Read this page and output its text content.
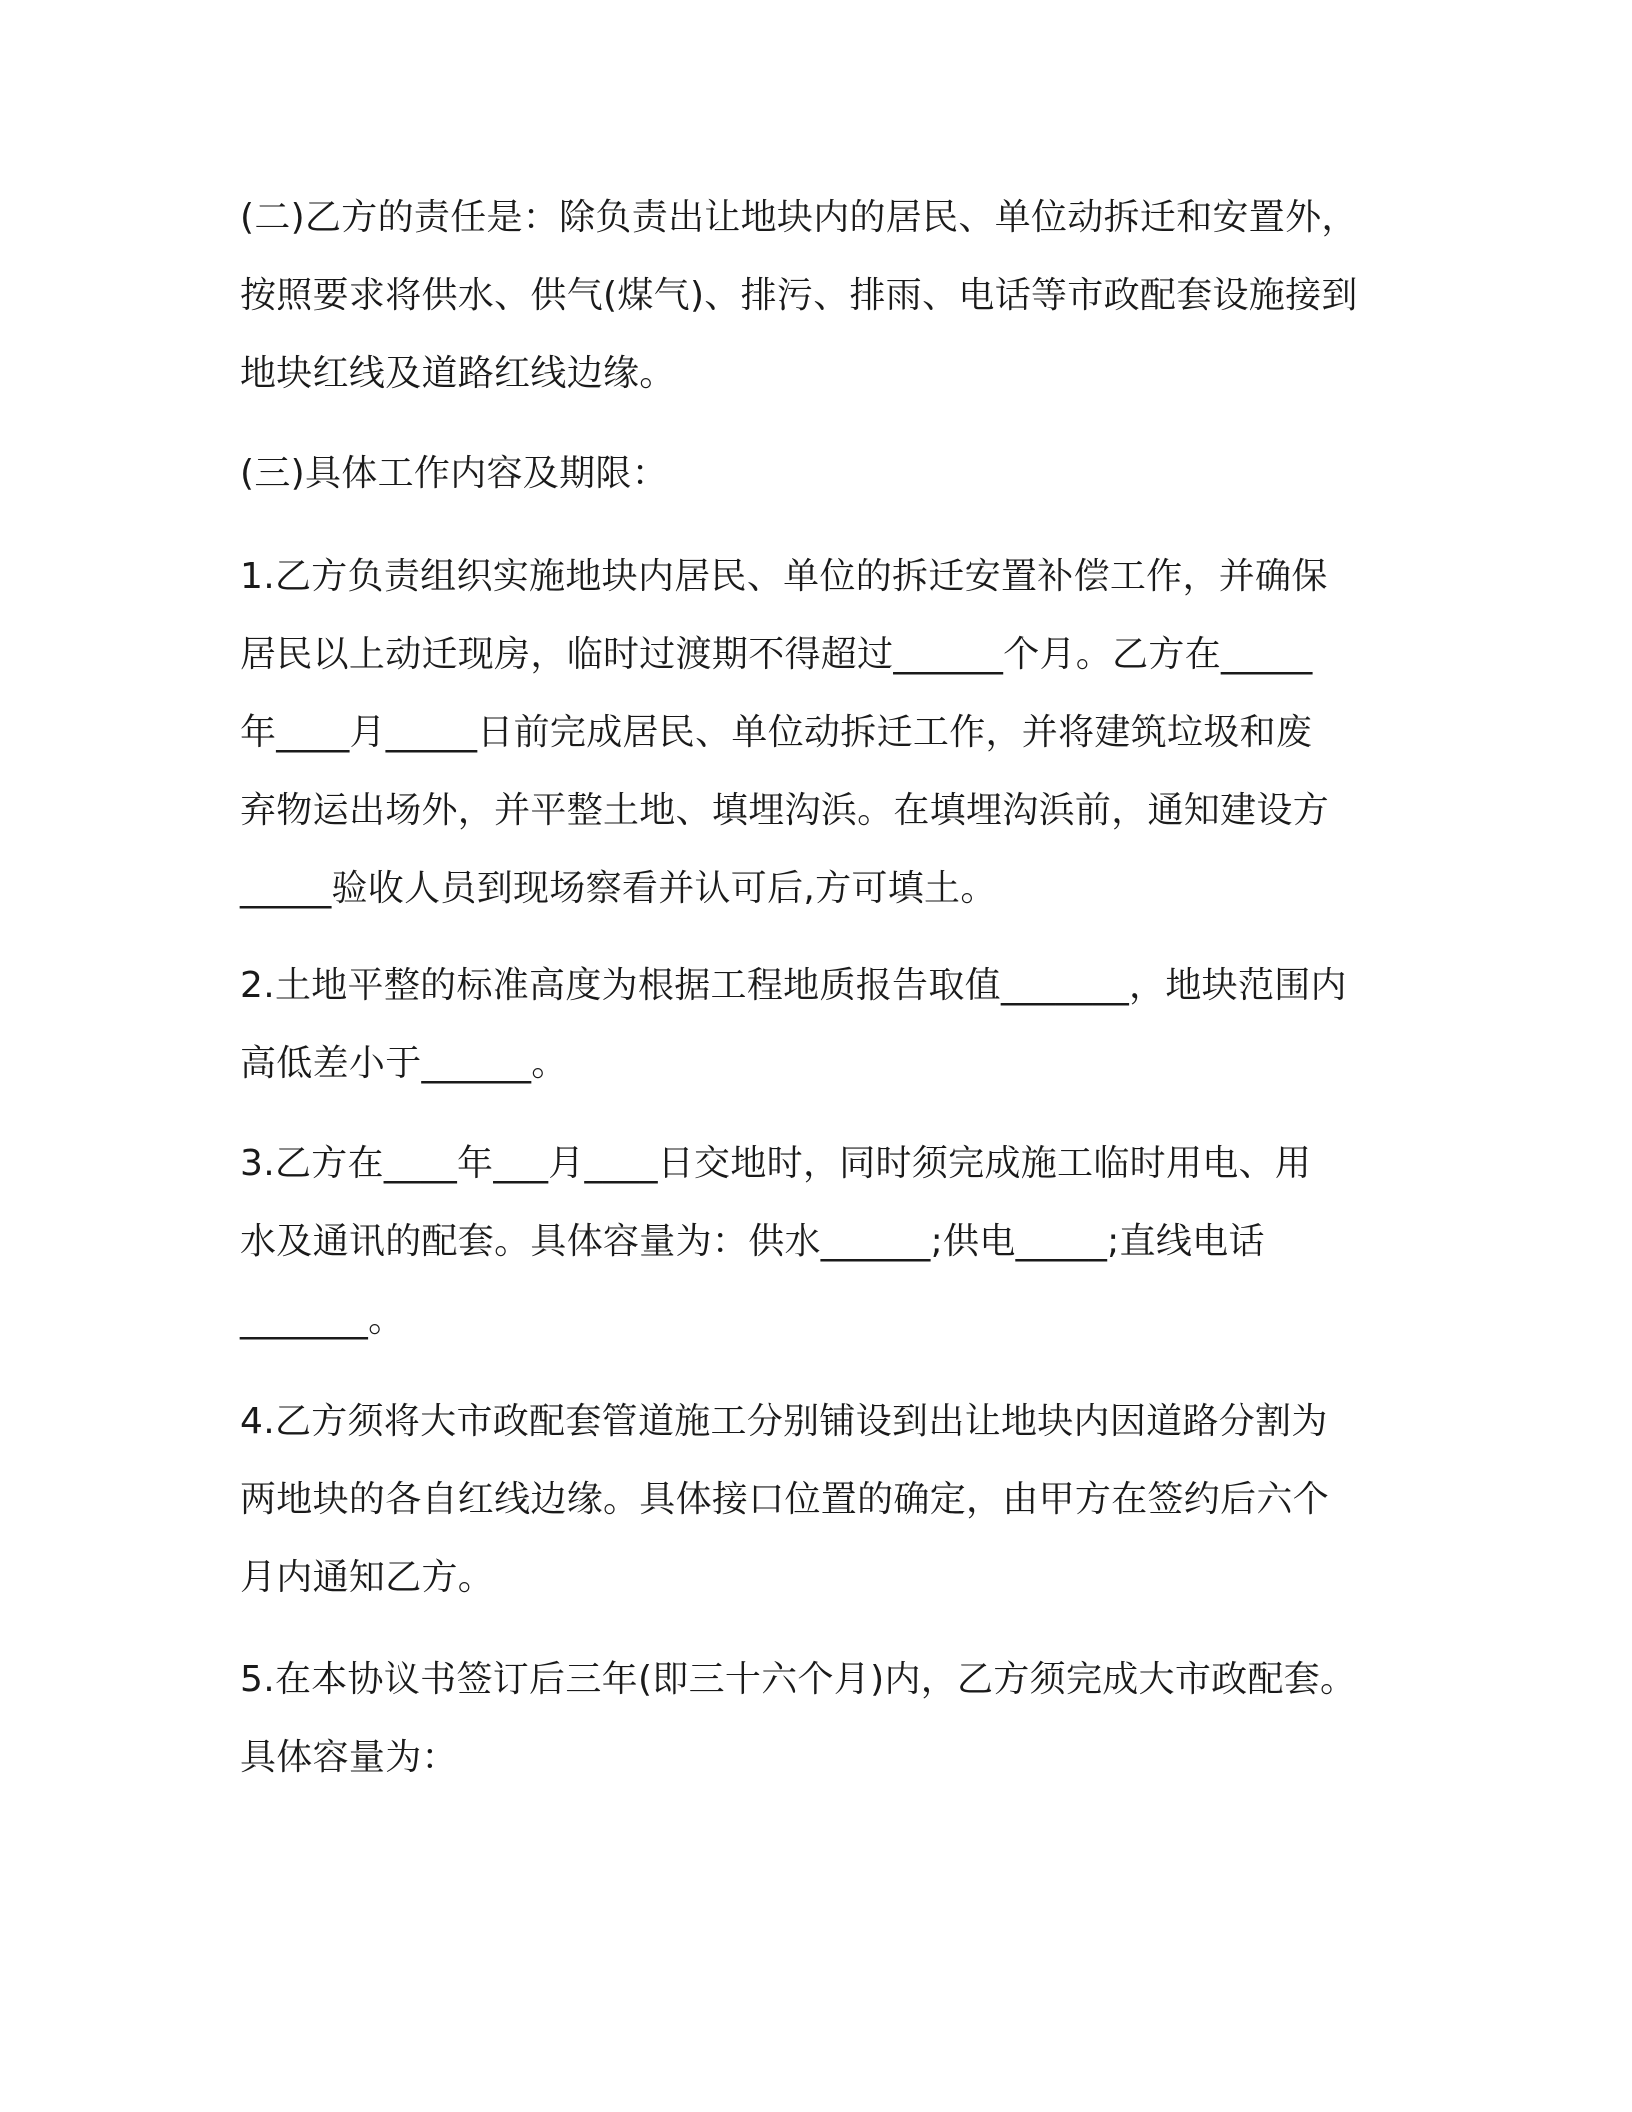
(二)乙方的责任是：除负责出让地块内的居民、单位动拆迁和安置外，
按照要求将供水、供气(煤气)、排污、排雨、电话等市政配套设施接到
地块红线及道路红线边缘。
(三)具体工作内容及期限：
1.乙方负责组织实施地块内居民、单位的拆迁安置补偿工作，并确保
居民以上动迁现房，临时过渡期不得超过______个月。乙方在_____
年____月_____日前完成居民、单位动拆迁工作，并将建筑垃圾和废
弃物运出场外，并平整土地、填埋沟浜。在填埋沟浜前，通知建设方
_____验收人员到现场察看并认可后,方可填土。
2.土地平整的标准高度为根据工程地质报告取值_______，地块范围内
高低差小于______。
3.乙方在____年___月____日交地时，同时须完成施工临时用电、用
水及通讯的配套。具体容量为：供水______;供电_____;直线电话
_______。
4.乙方须将大市政配套管道施工分别铺设到出让地块内因道路分割为
两地块的各自红线边缘。具体接口位置的确定，由甲方在签约后六个
月内通知乙方。
5.在本协议书签订后三年(即三十六个月)内，乙方须完成大市政配套。
具体容量为：
